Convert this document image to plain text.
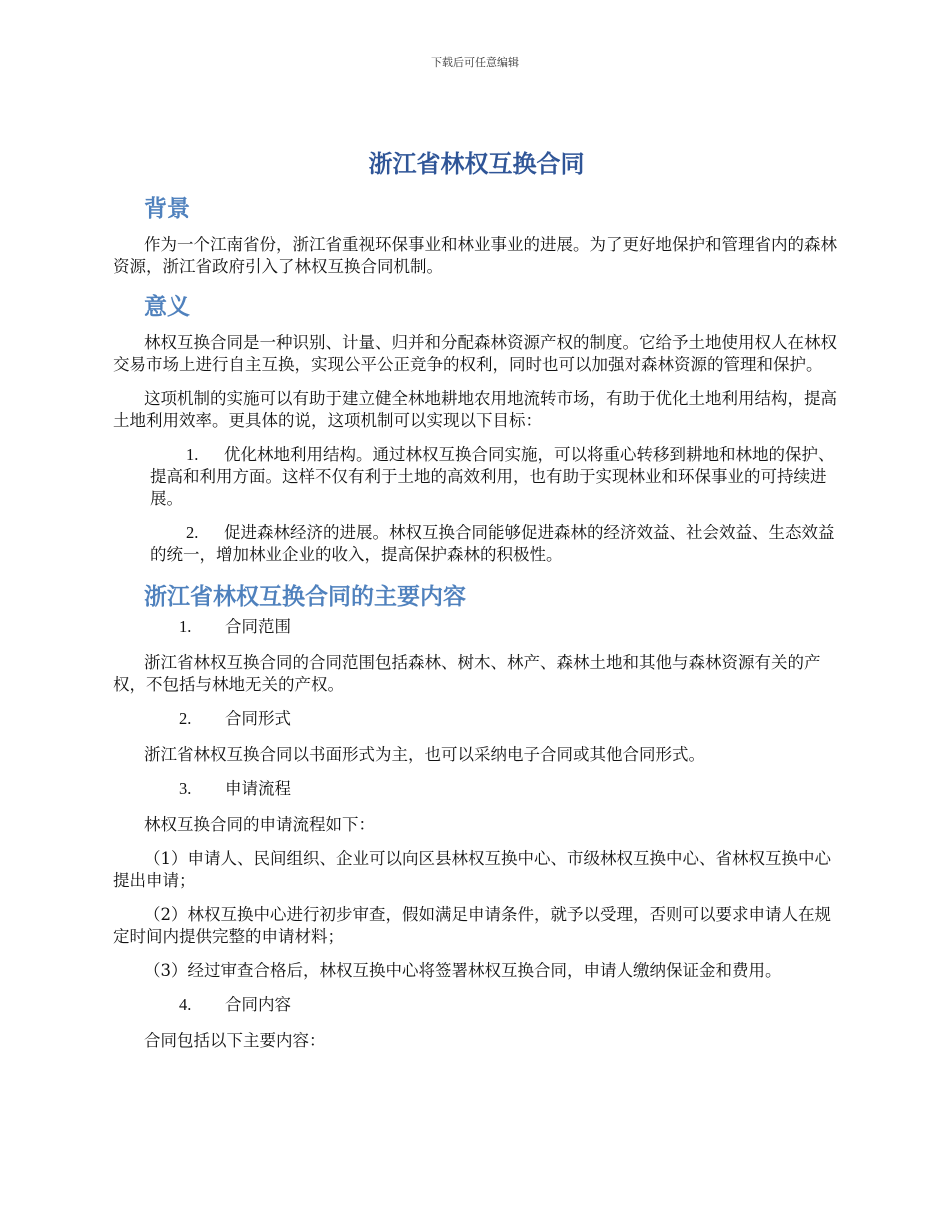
下载后可任意编辑
浙江省林权互换合同
背景

作为一个江南省份，浙江省重视环保事业和林业事业的进展。为了更好地保护和管理省内的森林资源，浙江省政府引入了林权互换合同机制。

意义

林权互换合同是一种识别、计量、归并和分配森林资源产权的制度。它给予土地使用权人在林权交易市场上进行自主互换，实现公平公正竞争的权利，同时也可以加强对森林资源的管理和保护。

这项机制的实施可以有助于建立健全林地耕地农用地流转市场，有助于优化土地利用结构，提高土地利用效率。更具体的说，这项机制可以实现以下目标：

1. 优化林地利用结构。通过林权互换合同实施，可以将重心转移到耕地和林地的保护、提高和利用方面。这样不仅有利于土地的高效利用，也有助于实现林业和环保事业的可持续进展。

2. 促进森林经济的进展。林权互换合同能够促进森林的经济效益、社会效益、生态效益的统一，增加林业企业的收入，提高保护森林的积极性。

浙江省林权互换合同的主要内容

1. 合同范围

浙江省林权互换合同的合同范围包括森林、树木、林产、森林土地和其他与森林资源有关的产权，不包括与林地无关的产权。

2. 合同形式

浙江省林权互换合同以书面形式为主，也可以采纳电子合同或其他合同形式。

3. 申请流程

林权互换合同的申请流程如下：

（1）申请人、民间组织、企业可以向区县林权互换中心、市级林权互换中心、省林权互换中心提出申请；

（2）林权互换中心进行初步审查，假如满足申请条件，就予以受理，否则可以要求申请人在规定时间内提供完整的申请材料；

（3）经过审查合格后，林权互换中心将签署林权互换合同，申请人缴纳保证金和费用。

4. 合同内容

合同包括以下主要内容：
